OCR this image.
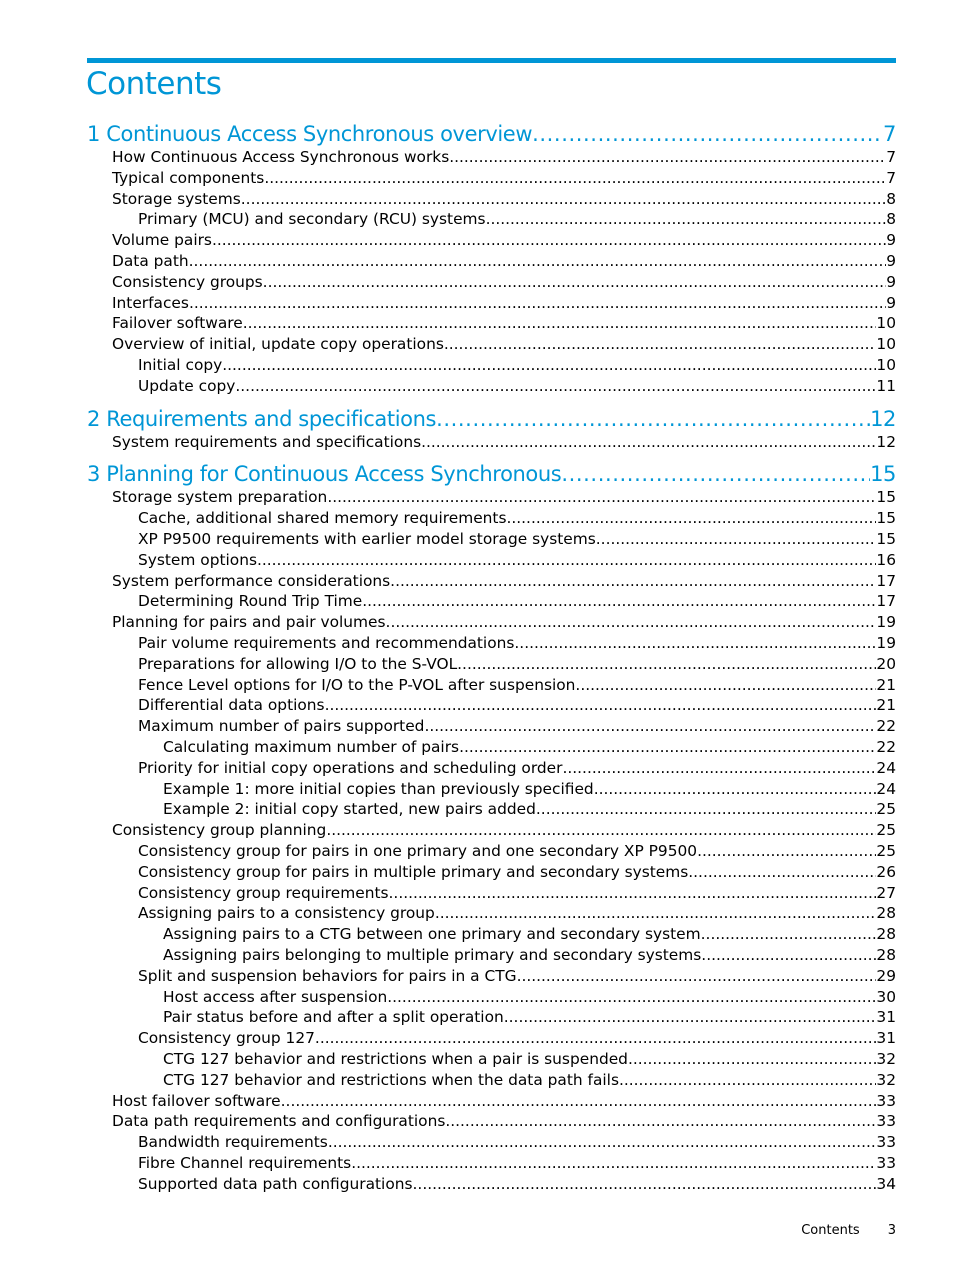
Contents
1 Continuous Access Synchronous overview .....	7
How Continuous Access Synchronous works .....	7
Typical components .....	7
Storage systems .....	8
Primary (MCU) and secondary (RCU) systems .....	8
Volume pairs .....	9
Data path .....	9
Consistency groups .....	9
Interfaces .....	9
Failover software .....	10
Overview of initial, update copy operations .....	10
Initial copy .....	10
Update copy .....	11
2 Requirements and specifications .....	12
System requirements and specifications .....	12
3 Planning for Continuous Access Synchronous .....	15
Storage system preparation .....	15
Cache, additional shared memory requirements .....	15
XP P9500 requirements with earlier model storage systems .....	15
System options .....	16
System performance considerations .....	17
Determining Round Trip Time .....	17
Planning for pairs and pair volumes .....	19
Pair volume requirements and recommendations .....	19
Preparations for allowing I/O to the S-VOL .....	20
Fence Level options for I/O to the P-VOL after suspension .....	21
Differential data options .....	21
Maximum number of pairs supported .....	22
Calculating maximum number of pairs .....	22
Priority for initial copy operations and scheduling order .....	24
Example 1: more initial copies than previously specified .....	24
Example 2: initial copy started, new pairs added .....	25
Consistency group planning .....	25
Consistency group for pairs in one primary and one secondary XP P9500 .....	25
Consistency group for pairs in multiple primary and secondary systems .....	26
Consistency group requirements .....	27
Assigning pairs to a consistency group .....	28
Assigning pairs to a CTG between one primary and secondary system .....	28
Assigning pairs belonging to multiple primary and secondary systems .....	28
Split and suspension behaviors for pairs in a CTG .....	29
Host access after suspension .....	30
Pair status before and after a split operation .....	31
Consistency group 127 .....	31
CTG 127 behavior and restrictions when a pair is suspended .....	32
CTG 127 behavior and restrictions when the data path fails .....	32
Host failover software .....	33
Data path requirements and configurations .....	33
Bandwidth requirements .....	33
Fibre Channel requirements .....	33
Supported data path configurations .....	34
Contents 3
